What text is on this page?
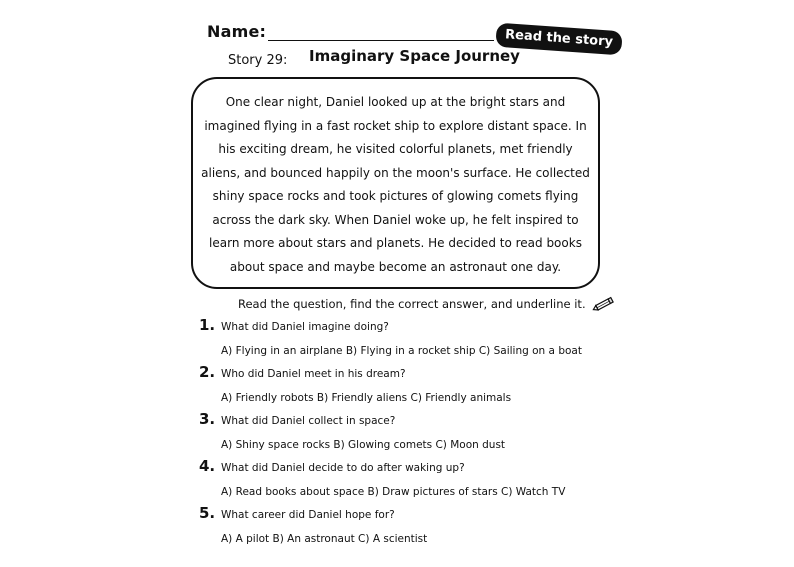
Name:	Read the story
Story 29: Imaginary Space Journey

One clear night, Daniel looked up at the bright stars and imagined flying in a fast rocket ship to explore distant space. In his exciting dream, he visited colorful planets, met friendly aliens, and bounced happily on the moon's surface. He collected shiny space rocks and took pictures of glowing comets flying across the dark sky. When Daniel woke up, he felt inspired to learn more about stars and planets. He decided to read books about space and maybe become an astronaut one day.

Read the question, find the correct answer, and underline it.
1. What did Daniel imagine doing?
A) Flying in an airplane B) Flying in a rocket ship C) Sailing on a boat
2. Who did Daniel meet in his dream?
A) Friendly robots B) Friendly aliens C) Friendly animals
3. What did Daniel collect in space?
A) Shiny space rocks B) Glowing comets C) Moon dust
4. What did Daniel decide to do after waking up?
A) Read books about space B) Draw pictures of stars C) Watch TV
5. What career did Daniel hope for?
A) A pilot B) An astronaut C) A scientist
